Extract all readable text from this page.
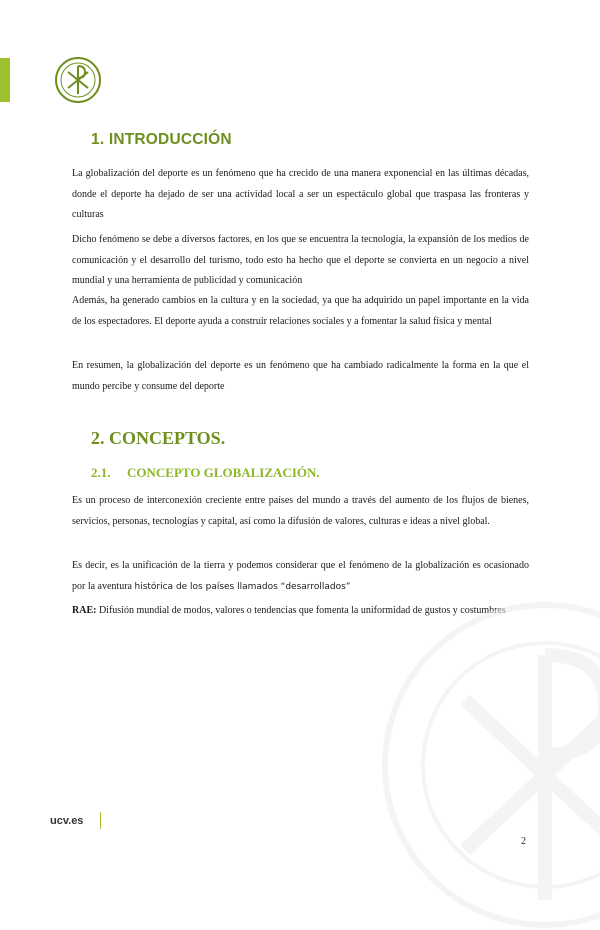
1. INTRODUCCIÓN

La globalización del deporte es un fenómeno que ha crecido de una manera exponencial en las últimas décadas, donde el deporte ha dejado de ser una actividad local a ser un espectáculo global que traspasa las fronteras y culturas

Dicho fenómeno se debe a diversos factores, en los que se encuentra la tecnología, la expansión de los medios de comunicación y el desarrollo del turismo, todo esto ha hecho que el deporte se convierta en un negocio a nivel mundial y una herramienta de publicidad y comunicación

Además, ha generado cambios en la cultura y en la sociedad, ya que ha adquirido un papel importante en la vida de los espectadores. El deporte ayuda a construir relaciones sociales y a fomentar la salud física y mental

En resumen, la globalización del deporte es un fenómeno que ha cambiado radicalmente la forma en la que el mundo percibe y consume del deporte

2. CONCEPTOS.
2.1. CONCEPTO GLOBALIZACIÓN.

Es un proceso de interconexión creciente entre países del mundo a través del aumento de los flujos de bienes, servicios, personas, tecnologías y capital, así como la difusión de valores, culturas e ideas a nivel global.

Es decir, es la unificación de la tierra y podemos considerar que el fenómeno de la globalización es ocasionado por la aventura histórica de los países llamados “desarrollados”

RAE: Difusión mundial de modos, valores o tendencias que fomenta la uniformidad de gustos y costumbres

ucv.es
2
